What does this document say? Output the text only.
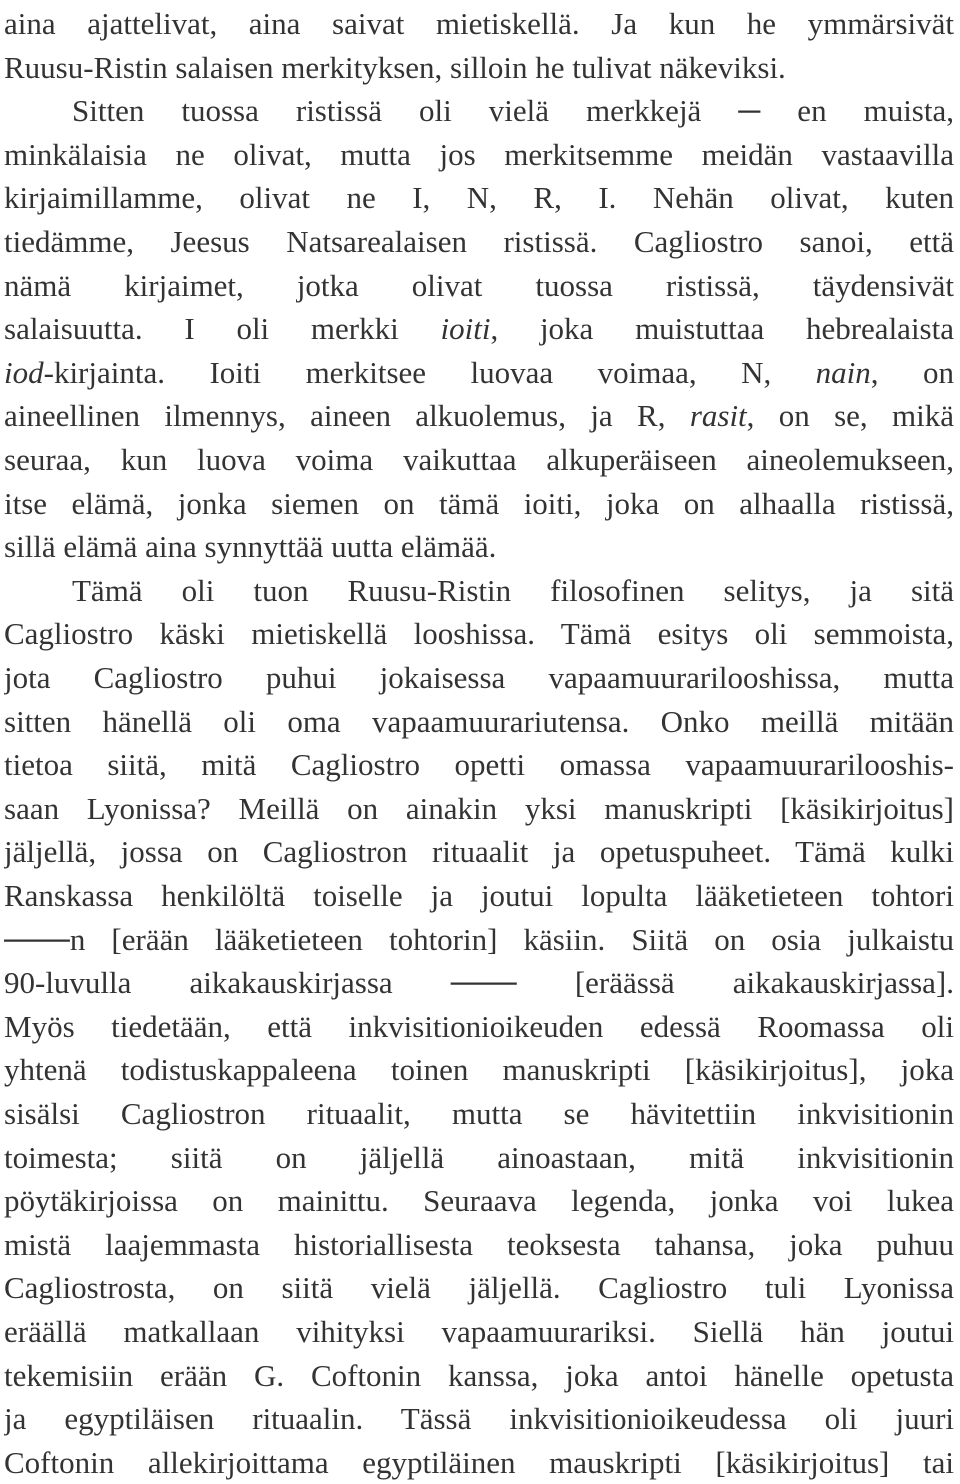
aina ajattelivat, aina saivat mietiskellä. Ja kun he ymmärsivät
Ruusu-Ristin salaisen merkityksen, silloin he tulivat näkeviksi.
Sitten tuossa ristissä oli vielä merkkejä ─ en muista,
minkälaisia ne olivat, mutta jos merkitsemme meidän vastaavilla
kirjaimillamme, olivat ne I, N, R, I. Nehän olivat, kuten
tiedämme, Jeesus Natsarealaisen ristissä. Cagliostro sanoi, että
nämä kirjaimet, jotka olivat tuossa ristissä, täydensivät
salaisuutta. I oli merkki ioiti, joka muistuttaa hebrealaista
iod-kirjainta. Ioiti merkitsee luovaa voimaa, N, nain, on
aineellinen ilmennys, aineen alkuolemus, ja R, rasit, on se, mikä
seuraa, kun luova voima vaikuttaa alkuperäiseen aineolemukseen,
itse elämä, jonka siemen on tämä ioiti, joka on alhaalla ristissä,
sillä elämä aina synnyttää uutta elämää.
Tämä oli tuon Ruusu-Ristin filosofinen selitys, ja sitä
Cagliostro käski mietiskellä looshissa. Tämä esitys oli semmoista,
jota Cagliostro puhui jokaisessa vapaamuurarilooshissa, mutta
sitten hänellä oli oma vapaamuurariutensa. Onko meillä mitään
tietoa siitä, mitä Cagliostro opetti omassa vapaamuurarilooshis-
saan Lyonissa? Meillä on ainakin yksi manuskripti [käsikirjoitus]
jäljellä, jossa on Cagliostron rituaalit ja opetuspuheet. Tämä kulki
Ranskassa henkilöltä toiselle ja joutui lopulta lääketieteen tohtori
───n [erään lääketieteen tohtorin] käsiin. Siitä on osia julkaistu
90-luvulla aikakauskirjassa ─── [eräässä aikakauskirjassa].
Myös tiedetään, että inkvisitionioikeuden edessä Roomassa oli
yhtenä todistuskappaleena toinen manuskripti [käsikirjoitus], joka
sisälsi Cagliostron rituaalit, mutta se hävitettiin inkvisitionin
toimesta; siitä on jäljellä ainoastaan, mitä inkvisitionin
pöytäkirjoissa on mainittu. Seuraava legenda, jonka voi lukea
mistä laajemmasta historiallisesta teoksesta tahansa, joka puhuu
Cagliostrosta, on siitä vielä jäljellä. Cagliostro tuli Lyonissa
eräällä matkallaan vihityksi vapaamuurariksi. Siellä hän joutui
tekemisiin erään G. Coftonin kanssa, joka antoi hänelle opetusta
ja egyptiläisen rituaalin. Tässä inkvisitionioikeudessa oli juuri
Coftonin allekirjoittama egyptiläinen mauskripti [käsikirjoitus] tai
